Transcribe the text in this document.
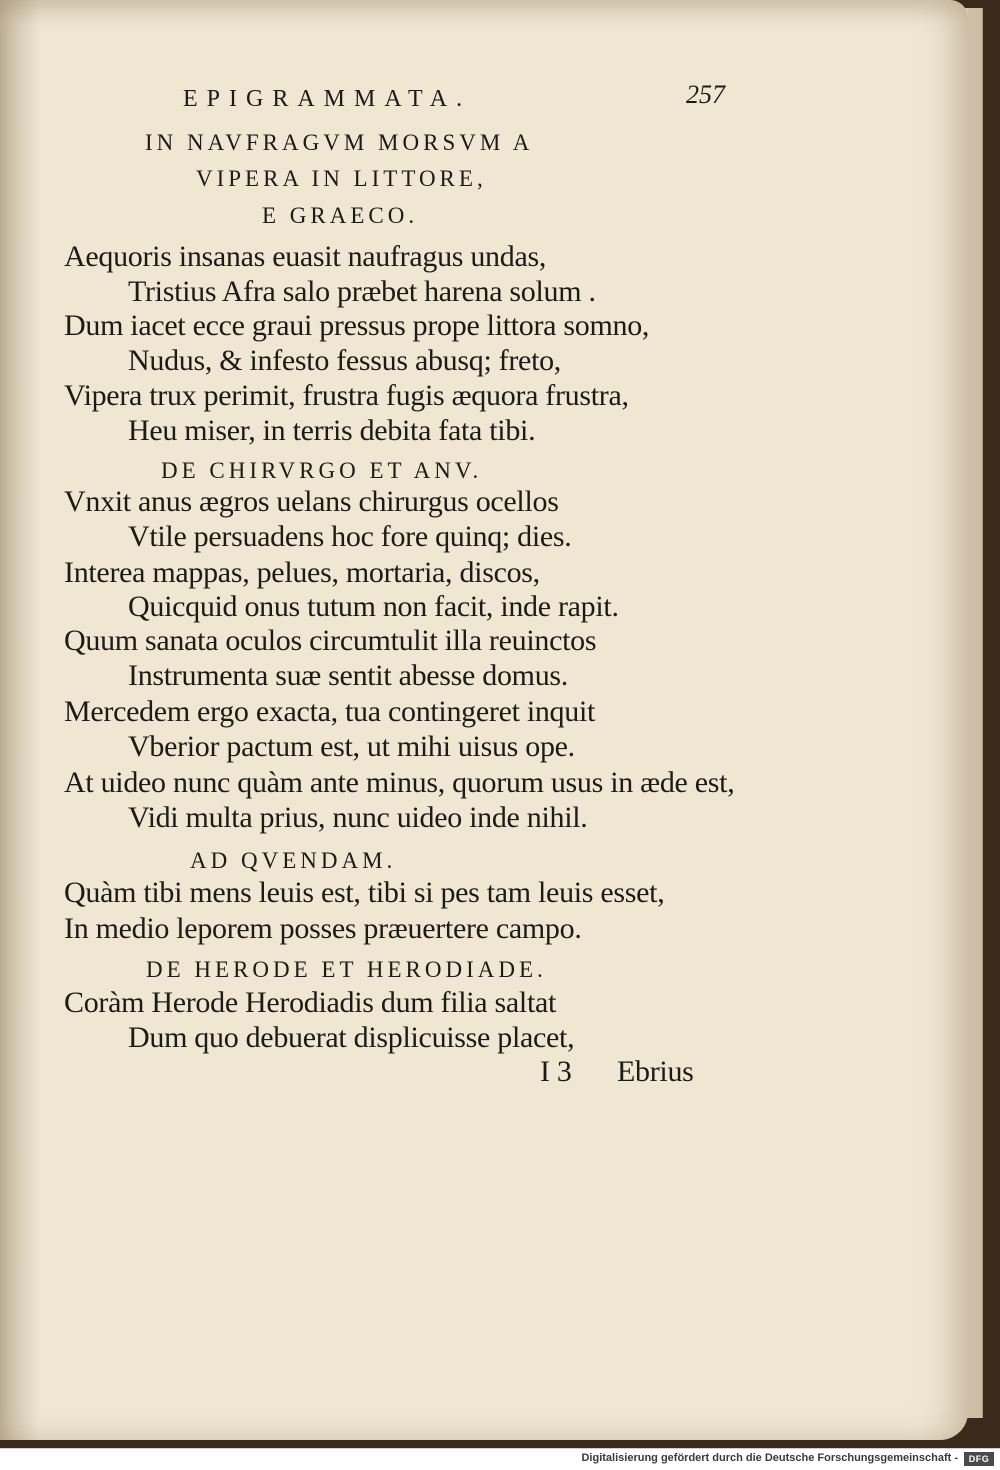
EPIGRAMMATA.	257
IN NAVFRAGVM MORSVM A
VIPERA IN LITTORE,
E GRAECO.
Aequoris insanas euasit naufragus undas,
Tristius Afra salo præbet harena solum .
Dum iacet ecce graui pressus prope littora somno,
Nudus, & infesto fessus abusq; freto,
Vipera trux perimit, frustra fugis æquora frustra,
Heu miser, in terris debita fata tibi.
DE CHIRVRGO ET ANV.
Vnxit anus ægros uelans chirurgus ocellos
Vtile persuadens hoc fore quinq; dies.
Interea mappas, pelues, mortaria, discos,
Quicquid onus tutum non facit, inde rapit.
Quum sanata oculos circumtulit illa reuinctos
Instrumenta suæ sentit abesse domus.
Mercedem ergo exacta, tua contingeret inquit
Vberior pactum est, ut mihi uisus ope.
At uideo nunc quàm ante minus, quorum usus in æde est,
Vidi multa prius, nunc uideo inde nihil.
AD QVENDAM.
Quàm tibi mens leuis est, tibi si pes tam leuis esset,
In medio leporem posses præuertere campo.
DE HERODE ET HERODIADE.
Coràm Herode Herodiadis dum filia saltat
Dum quo debuerat displicuisse placet,
I 3 Ebrius
Digitalisierung gefördert durch die Deutsche Forschungsgemeinschaft -	DFG
